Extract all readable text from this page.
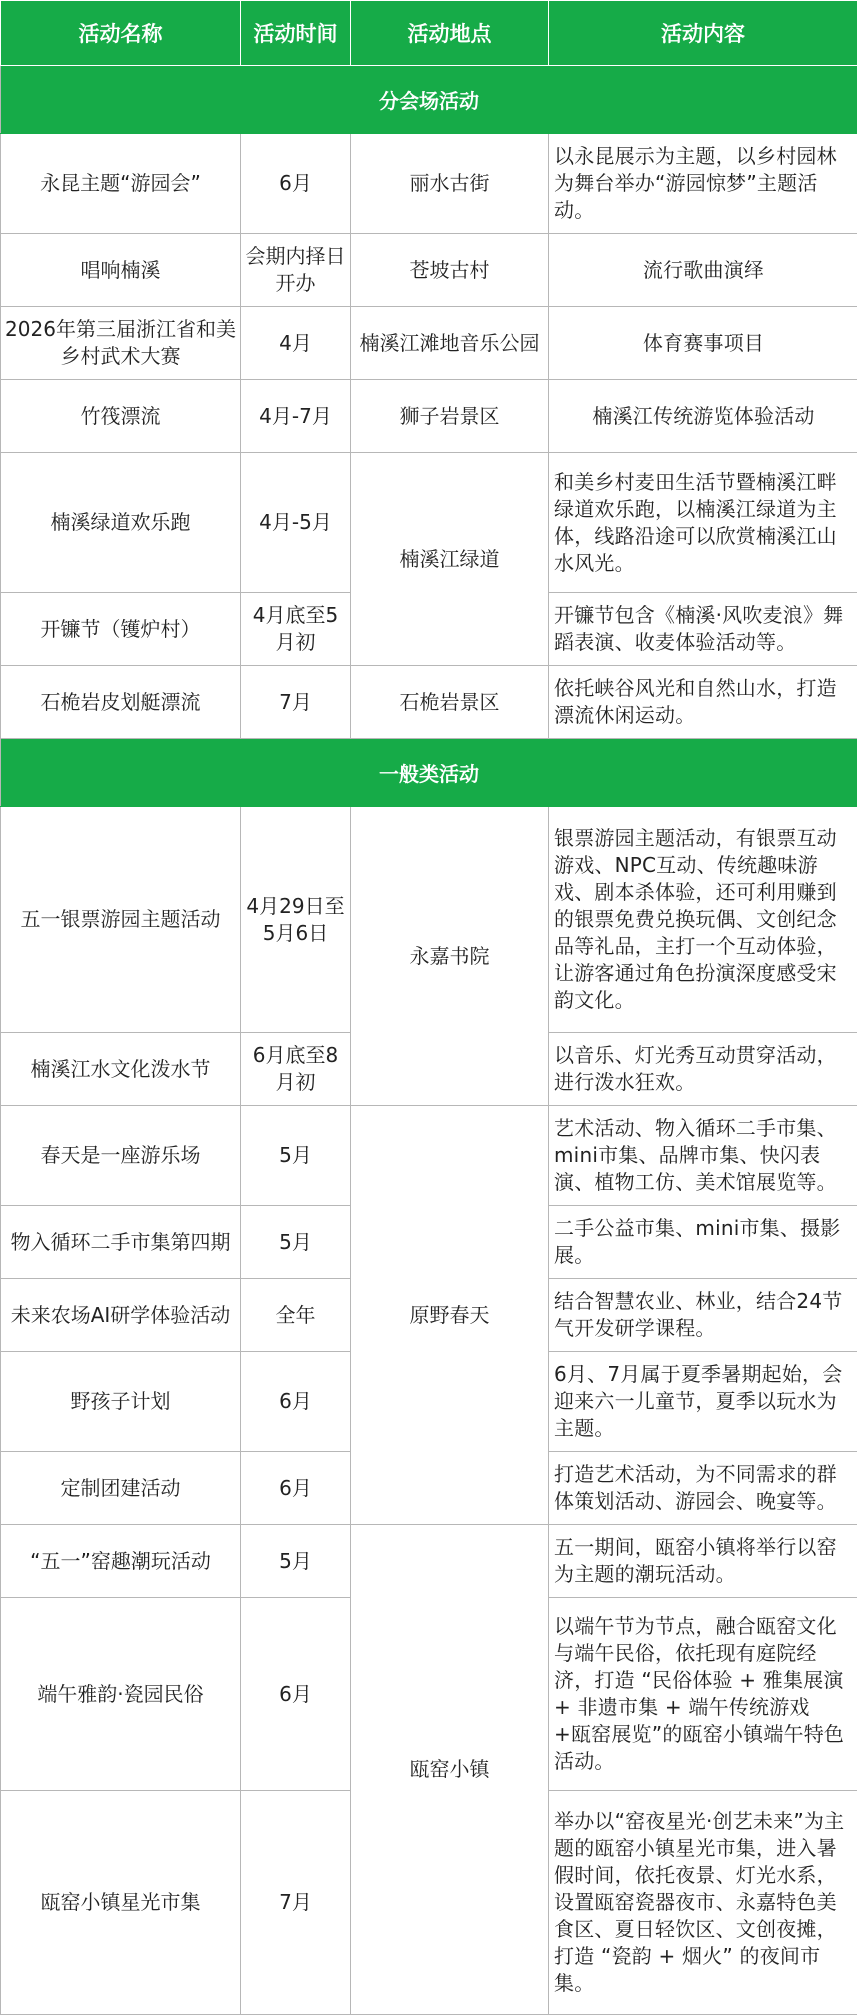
活动名称	活动时间	活动地点	活动内容
分会场活动			
永昆主题“游园会”	6月	丽水古街	以永昆展示为主题，以乡村园林为舞台举办“游园惊梦”主题活动。
唱响楠溪	会期内择日开办	苍坡古村	流行歌曲演绎
2026年第三届浙江省和美乡村武术大赛	4月	楠溪江滩地音乐公园	体育赛事项目
竹筏漂流	4月-7月	狮子岩景区	楠溪江传统游览体验活动
楠溪绿道欢乐跑	4月-5月	楠溪江绿道	和美乡村麦田生活节暨楠溪江畔绿道欢乐跑，以楠溪江绿道为主体，线路沿途可以欣赏楠溪江山水风光。
开镰节（镬炉村）	4月底至5月初		开镰节包含《楠溪·风吹麦浪》舞蹈表演、收麦体验活动等。
石桅岩皮划艇漂流	7月	石桅岩景区	依托峡谷风光和自然山水，打造漂流休闲运动。
一般类活动			
五一银票游园主题活动	4月29日至5月6日	永嘉书院	银票游园主题活动，有银票互动游戏、NPC互动、传统趣味游戏、剧本杀体验，还可利用赚到的银票免费兑换玩偶、文创纪念品等礼品，主打一个互动体验，让游客通过角色扮演深度感受宋韵文化。
楠溪江水文化泼水节	6月底至8月初		以音乐、灯光秀互动贯穿活动，进行泼水狂欢。
春天是一座游乐场	5月	原野春天	艺术活动、物入循环二手市集、mini市集、品牌市集、快闪表演、植物工仿、美术馆展览等。
物入循环二手市集第四期	5月		二手公益市集、mini市集、摄影展。
未来农场AI研学体验活动	全年		结合智慧农业、林业，结合24节气开发研学课程。
野孩子计划	6月		6月、7月属于夏季暑期起始，会迎来六一儿童节，夏季以玩水为主题。
定制团建活动	6月		打造艺术活动，为不同需求的群体策划活动、游园会、晚宴等。
“五一”窑趣潮玩活动	5月	瓯窑小镇	五一期间，瓯窑小镇将举行以窑为主题的潮玩活动。
端午雅韵·瓷园民俗	6月		以端午节为节点，融合瓯窑文化与端午民俗，依托现有庭院经济，打造 “民俗体验 + 雅集展演 + 非遗市集 + 端午传统游戏 +瓯窑展览”的瓯窑小镇端午特色活动。
瓯窑小镇星光市集	7月		举办以“窑夜星光·创艺未来”为主题的瓯窑小镇星光市集，进入暑假时间，依托夜景、灯光水系，设置瓯窑瓷器夜市、永嘉特色美食区、夏日轻饮区、文创夜摊，打造 “瓷韵 + 烟火” 的夜间市集。
